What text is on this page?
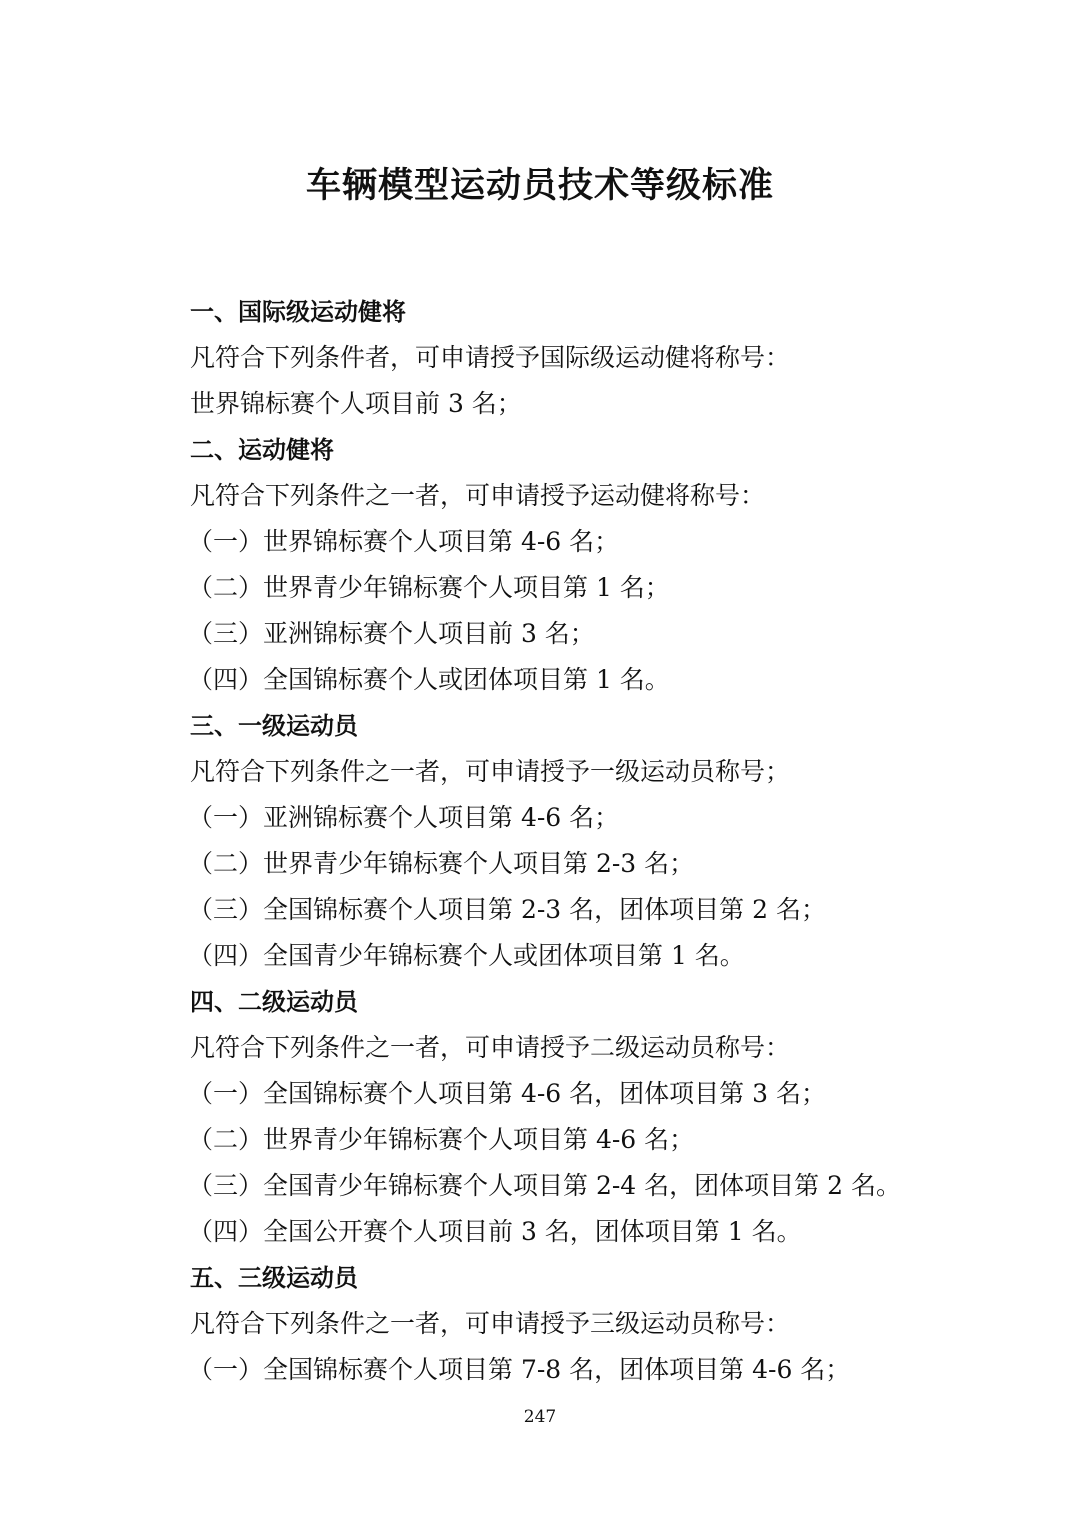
车辆模型运动员技术等级标准
一、国际级运动健将
凡符合下列条件者，可申请授予国际级运动健将称号：
世界锦标赛个人项目前 3 名；
二、运动健将
凡符合下列条件之一者，可申请授予运动健将称号：
（一）世界锦标赛个人项目第 4-6 名；
（二）世界青少年锦标赛个人项目第 1 名；
（三）亚洲锦标赛个人项目前 3 名；
（四）全国锦标赛个人或团体项目第 1 名。
三、一级运动员
凡符合下列条件之一者，可申请授予一级运动员称号；
（一）亚洲锦标赛个人项目第 4-6 名；
（二）世界青少年锦标赛个人项目第 2-3 名；
（三）全国锦标赛个人项目第 2-3 名，团体项目第 2 名；
（四）全国青少年锦标赛个人或团体项目第 1 名。
四、二级运动员
凡符合下列条件之一者，可申请授予二级运动员称号：
（一）全国锦标赛个人项目第 4-6 名，团体项目第 3 名；
（二）世界青少年锦标赛个人项目第 4-6 名；
（三）全国青少年锦标赛个人项目第 2-4 名，团体项目第 2 名。
（四）全国公开赛个人项目前 3 名，团体项目第 1 名。
五、三级运动员
凡符合下列条件之一者，可申请授予三级运动员称号：
（一）全国锦标赛个人项目第 7-8 名，团体项目第 4-6 名；
247
